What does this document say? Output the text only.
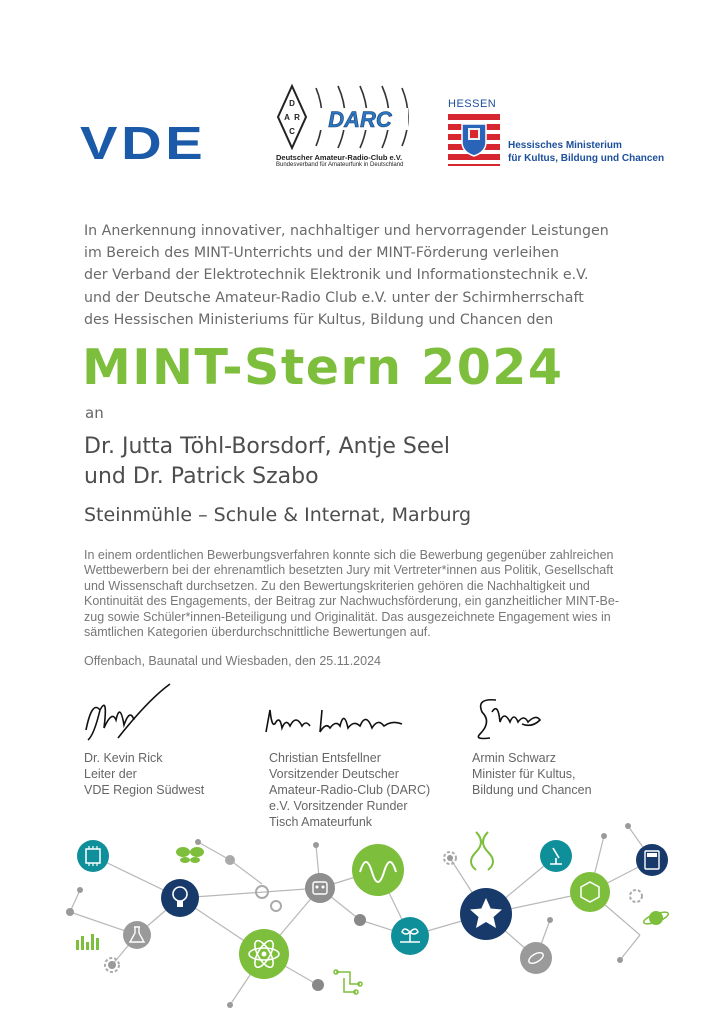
VDE
D
A R
C DARC
Deutscher Amateur-Radio-Club e.V.
Bundesverband für Amateurfunk in Deutschland
HESSEN
Hessisches Ministerium
für Kultus, Bildung und Chancen
In Anerkennung innovativer, nachhaltiger und hervorragender Leistungen
im Bereich des MINT-Unterrichts und der MINT-Förderung verleihen
der Verband der Elektrotechnik Elektronik und Informationstechnik e.V.
und der Deutsche Amateur-Radio Club e.V. unter der Schirmherrschaft
des Hessischen Ministeriums für Kultus, Bildung und Chancen den
MINT-Stern 2024
an
Dr. Jutta Töhl-Borsdorf, Antje Seel
und Dr. Patrick Szabo
Steinmühle – Schule & Internat, Marburg
In einem ordentlichen Bewerbungsverfahren konnte sich die Bewerbung gegenüber zahlreichen
Wettbewerbern bei der ehrenamtlich besetzten Jury mit Vertreter*innen aus Politik, Gesellschaft
und Wissenschaft durchsetzen. Zu den Bewertungskriterien gehören die Nachhaltigkeit und
Kontinuität des Engagements, der Beitrag zur Nachwuchsförderung, ein ganzheitlicher MINT-Be-
zug sowie Schüler*innen-Beteiligung und Originalität. Das ausgezeichnete Engagement wies in
sämtlichen Kategorien überdurchschnittliche Bewertungen auf.
Offenbach, Baunatal und Wiesbaden, den 25.11.2024
Dr. Kevin Rick
Leiter der
VDE Region Südwest
Christian Entsfellner
Vorsitzender Deutscher
Amateur-Radio-Club (DARC)
e.V. Vorsitzender Runder
Tisch Amateurfunk
Armin Schwarz
Minister für Kultus,
Bildung und Chancen
